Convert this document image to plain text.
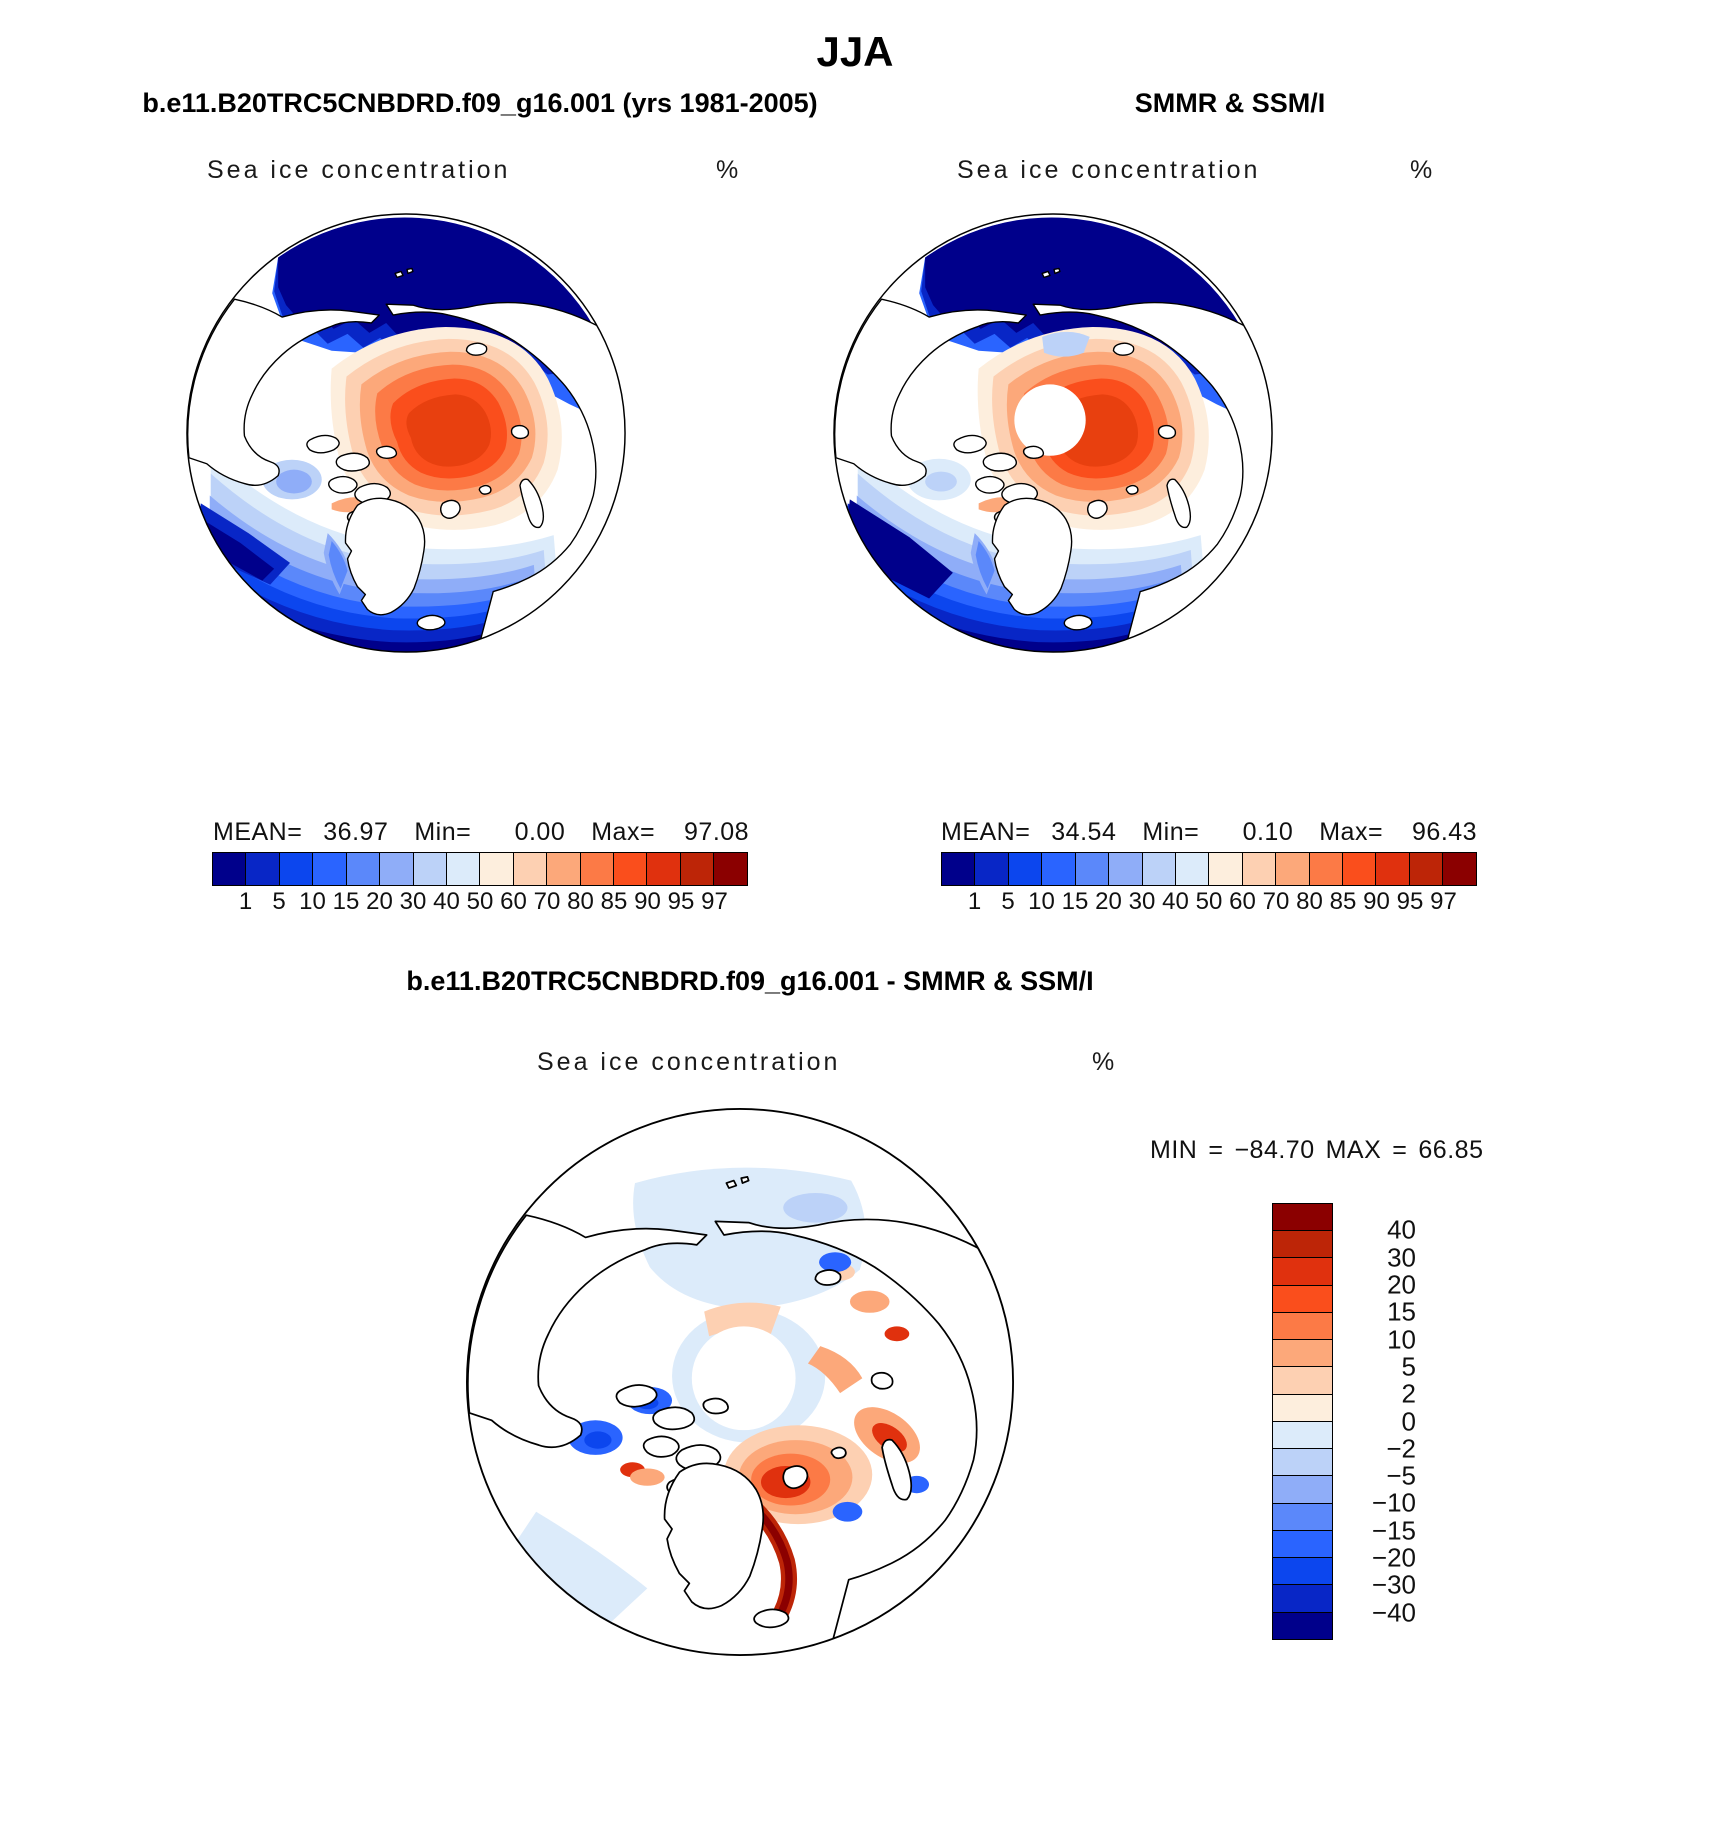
JJA
b.e11.B20TRC5CNBDRD.f09_g16.001 (yrs 1981-2005)	SMMR & SSM/I
Sea ice concentration	%	Sea ice concentration	%
MEAN= 36.97 Min=	0.00 Max=	97.08	MEAN= 34.54 Min=	0.10 Max=	96.43
1 5 10 15 20 30 40 50 60 70 80 85 90 95 97	1 5 10 15 20 30 40 50 60 70 80 85 90 95 97
b.e11.B20TRC5CNBDRD.f09_g16.001 - SMMR & SSM/I
Sea ice concentration	%
MIN = −84.70 MAX = 66.85
40
30
20
15
10
5
2
0
−2
−5
−10
−15
−20
−30
−40
